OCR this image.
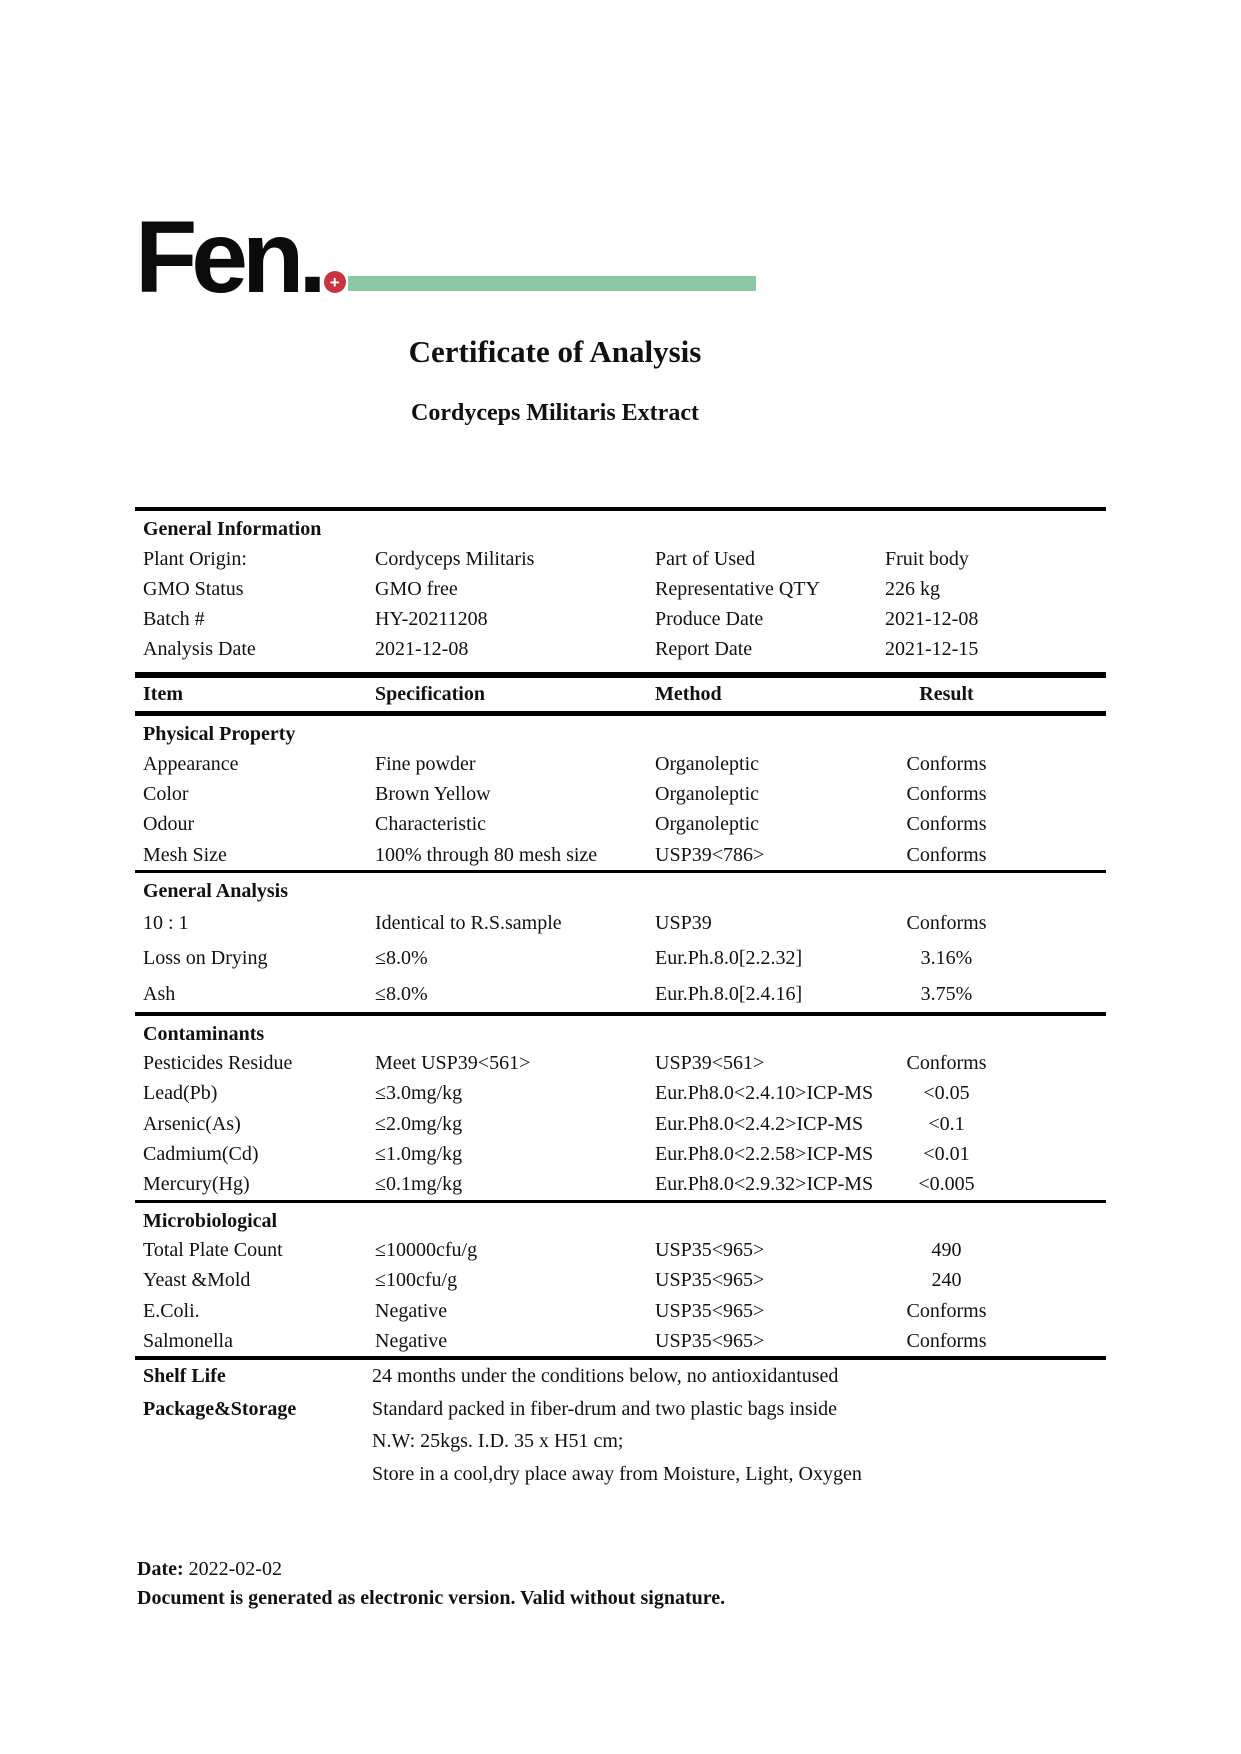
Fen. +
Certificate of Analysis
Cordyceps Militaris Extract
General Information
Plant Origin:	Cordyceps Militaris	Part of Used	Fruit body
GMO Status	GMO free	Representative QTY	226 kg
Batch #	HY-20211208	Produce Date	2021-12-08
Analysis Date	2021-12-08	Report Date	2021-12-15
Item	Specification	Method	Result
Physical Property
Appearance	Fine powder	Organoleptic	Conforms
Color	Brown Yellow	Organoleptic	Conforms
Odour	Characteristic	Organoleptic	Conforms
Mesh Size	100% through 80 mesh size	USP39<786>	Conforms
General Analysis
10 : 1	Identical to R.S.sample	USP39	Conforms
Loss on Drying	≤8.0%	Eur.Ph.8.0[2.2.32]	3.16%
Ash	≤8.0%	Eur.Ph.8.0[2.4.16]	3.75%
Contaminants
Pesticides Residue	Meet USP39<561>	USP39<561>	Conforms
Lead(Pb)	≤3.0mg/kg	Eur.Ph8.0<2.4.10>ICP-MS	<0.05
Arsenic(As)	≤2.0mg/kg	Eur.Ph8.0<2.4.2>ICP-MS	<0.1
Cadmium(Cd)	≤1.0mg/kg	Eur.Ph8.0<2.2.58>ICP-MS	<0.01
Mercury(Hg)	≤0.1mg/kg	Eur.Ph8.0<2.9.32>ICP-MS	<0.005
Microbiological
Total Plate Count	≤10000cfu/g	USP35<965>	490
Yeast &Mold	≤100cfu/g	USP35<965>	240
E.Coli.	Negative	USP35<965>	Conforms
Salmonella	Negative	USP35<965>	Conforms
Shelf Life	24 months under the conditions below, no antioxidantused
Package&Storage	Standard packed in fiber-drum and two plastic bags inside
N.W: 25kgs. I.D. 35 x H51 cm;
Store in a cool,dry place away from Moisture, Light, Oxygen
Date: 2022-02-02
Document is generated as electronic version. Valid without signature.
